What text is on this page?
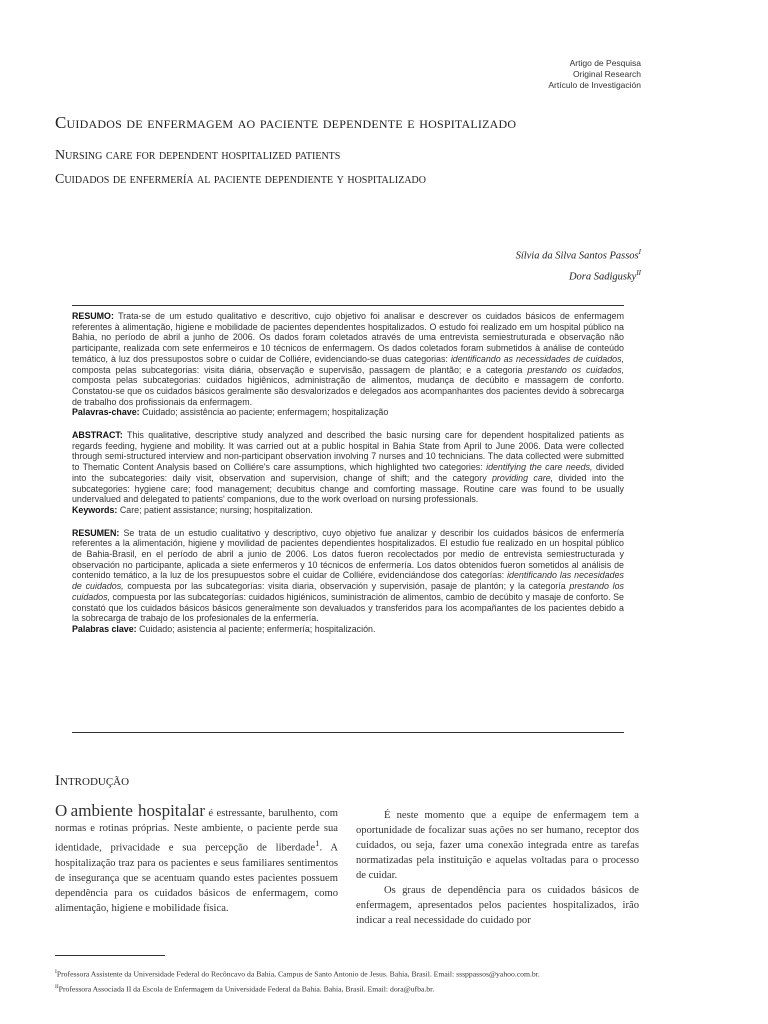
Artigo de Pesquisa
Original Research
Artículo de Investigación
Cuidados de enfermagem ao paciente dependente e hospitalizado
Nursing care for dependent hospitalized patients
Cuidados de enfermería al paciente dependiente y hospitalizado
Sílvia da Silva Santos Passos$^I$
Dora Sadigusky$^{II}$

RESUMO: Trata-se de um estudo qualitativo e descritivo, cujo objetivo foi analisar e descrever os cuidados básicos de enfermagem referentes à alimentação, higiene e mobilidade de pacientes dependentes hospitalizados. O estudo foi realizado em um hospital público na Bahia, no período de abril a junho de 2006. Os dados foram coletados através de uma entrevista semiestruturada e observação não participante, realizada com sete enfermeiros e 10 técnicos de enfermagem. Os dados coletados foram submetidos à análise de conteúdo temático, à luz dos pressupostos sobre o cuidar de Colliére, evidenciando-se duas categorias: identificando as necessidades de cuidados, composta pelas subcategorias: visita diária, observação e supervisão, passagem de plantão; e a categoria prestando os cuidados, composta pelas subcategorias: cuidados higiênicos, administração de alimentos, mudança de decúbito e massagem de conforto. Constatou-se que os cuidados básicos geralmente são desvalorizados e delegados aos acompanhantes dos pacientes devido à sobrecarga de trabalho dos profissionais da enfermagem.

Palavras-chave: Cuidado; assistência ao paciente; enfermagem; hospitalização

ABSTRACT: This qualitative, descriptive study analyzed and described the basic nursing care for dependent hospitalized patients as regards feeding, hygiene and mobility. It was carried out at a public hospital in Bahia State from April to June 2006. Data were collected through semi-structured interview and non-participant observation involving 7 nurses and 10 technicians. The data collected were submitted to Thematic Content Analysis based on Colliére's care assumptions, which highlighted two categories: identifying the care needs, divided into the subcategories: daily visit, observation and supervision, change of shift; and the category providing care, divided into the subcategories: hygiene care; food management; decubitus change and comforting massage. Routine care was found to be usually undervalued and delegated to patients' companions, due to the work overload on nursing professionals.

Keywords: Care; patient assistance; nursing; hospitalization.

RESUMEN: Se trata de un estudio cualitativo y descriptivo, cuyo objetivo fue analizar y describir los cuidados básicos de enfermería referentes a la alimentación, higiene y movilidad de pacientes dependientes hospitalizados. El estudio fue realizado en un hospital público de Bahia-Brasil, en el período de abril a junio de 2006. Los datos fueron recolectados por medio de entrevista semiestructurada y observación no participante, aplicada a siete enfermeros y 10 técnicos de enfermería. Los datos obtenidos fueron sometidos al análisis de contenido temático, a la luz de los presupuestos sobre el cuidar de Colliére, evidenciándose dos categorías: identificando las necesidades de cuidados, compuesta por las subcategorías: visita diaria, observación y supervisión, pasaje de plantón; y la categoría prestando los cuidados, compuesta por las subcategorías: cuidados higiénicos, suministración de alimentos, cambio de decúbito y masaje de conforto. Se constató que los cuidados básicos básicos generalmente son devaluados y transferidos para los acompañantes de los pacientes debido a la sobrecarga de trabajo de los profesionales de la enfermería.

Palabras clave: Cuidado; asistencia al paciente; enfermería; hospitalización.

Introdução

O ambiente hospitalar é estressante, barulhento, com normas e rotinas próprias. Neste ambiente, o paciente perde sua identidade, privacidade e sua percepção de liberdade$^1$. A hospitalização traz para os pacientes e seus familiares sentimentos de insegurança que se acentuam quando estes pacientes possuem dependência para os cuidados básicos de enfermagem, como alimentação, higiene e mobilidade física.

É neste momento que a equipe de enfermagem tem a oportunidade de focalizar suas ações no ser humano, receptor dos cuidados, ou seja, fazer uma conexão integrada entre as tarefas normatizadas pela instituição e aquelas voltadas para o processo de cuidar.

Os graus de dependência para os cuidados básicos de enfermagem, apresentados pelos pacientes hospitalizados, irão indicar a real necessidade do cuidado por

$^I$Professora Assistente da Universidade Federal do Recôncavo da Bahia, Campus de Santo Antonio de Jesus. Bahia, Brasil. Email: sssppassos@yahoo.com.br.
$^{II}$Professora Associada II da Escola de Enfermagem da Universidade Federal da Bahia. Bahia, Brasil. Email: dora@ufba.br.
